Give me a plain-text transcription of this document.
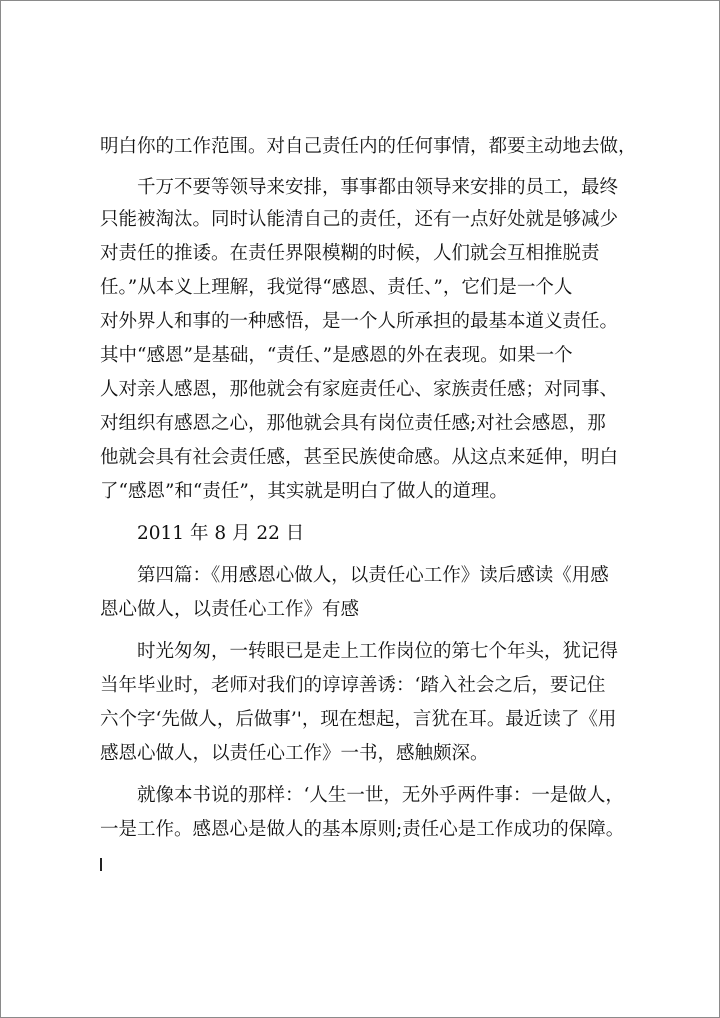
明白你的工作范围。对自己责任内的任何事情，都要主动地去做，

千万不要等领导来安排，事事都由领导来安排的员工，最终

只能被淘汰。同时认能清自己的责任，还有一点好处就是够减少

对责任的推诿。在责任界限模糊的时候，人们就会互相推脱责

任。”从本义上理解，我觉得“感恩、责任、”，它们是一个人

对外界人和事的一种感悟，是一个人所承担的最基本道义责任。

其中“感恩”是基础，“责任、”是感恩的外在表现。如果一个

人对亲人感恩，那他就会有家庭责任心、家族责任感；对同事、

对组织有感恩之心，那他就会具有岗位责任感;对社会感恩，那

他就会具有社会责任感，甚至民族使命感。从这点来延伸，明白

了“感恩”和“责任”，其实就是明白了做人的道理。

2011 年 8 月 22 日

第四篇：《用感恩心做人，以责任心工作》读后感读《用感

恩心做人，以责任心工作》有感

时光匆匆，一转眼已是走上工作岗位的第七个年头，犹记得

当年毕业时，老师对我们的谆谆善诱：‘踏入社会之后，要记住

六个字‘先做人，后做事’'，现在想起，言犹在耳。最近读了《用

感恩心做人，以责任心工作》一书，感触颇深。

就像本书说的那样：‘人生一世，无外乎两件事：一是做人，

一是工作。感恩心是做人的基本原则;责任心是工作成功的保障。
